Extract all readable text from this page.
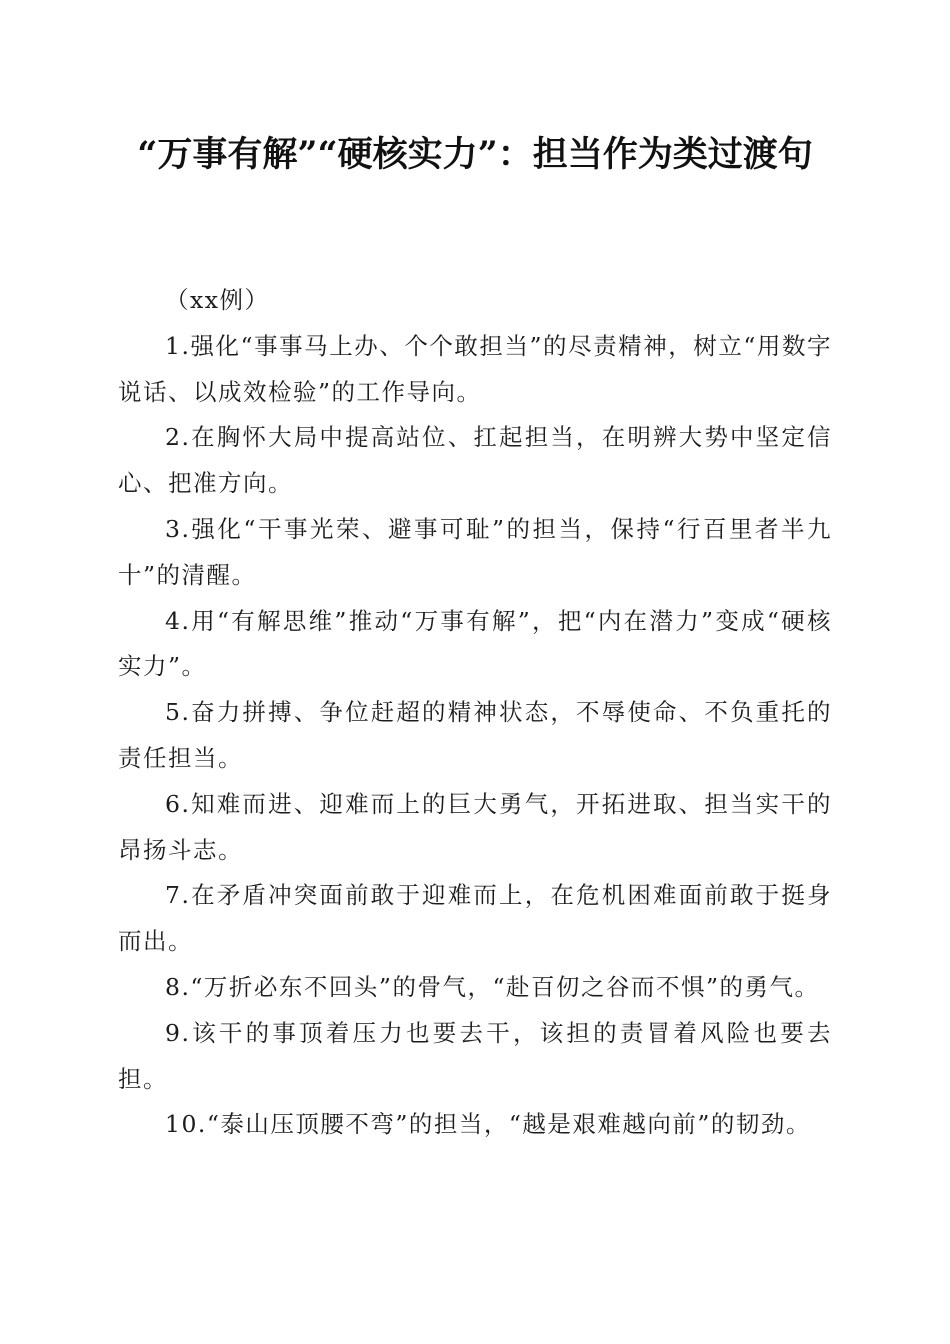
“万事有解”“硬核实力”：担当作为类过渡句

（xx例）

1.强化“事事马上办、个个敢担当”的尽责精神，树立“用数字说话、以成效检验”的工作导向。

2.在胸怀大局中提高站位、扛起担当，在明辨大势中坚定信心、把准方向。

3.强化“干事光荣、避事可耻”的担当，保持“行百里者半九十”的清醒。

4.用“有解思维”推动“万事有解”，把“内在潜力”变成“硬核实力”。

5.奋力拼搏、争位赶超的精神状态，不辱使命、不负重托的责任担当。

6.知难而进、迎难而上的巨大勇气，开拓进取、担当实干的昂扬斗志。

7.在矛盾冲突面前敢于迎难而上，在危机困难面前敢于挺身而出。

8.“万折必东不回头”的骨气，“赴百仞之谷而不惧”的勇气。

9.该干的事顶着压力也要去干，该担的责冒着风险也要去担。

10.“泰山压顶腰不弯”的担当，“越是艰难越向前”的韧劲。
